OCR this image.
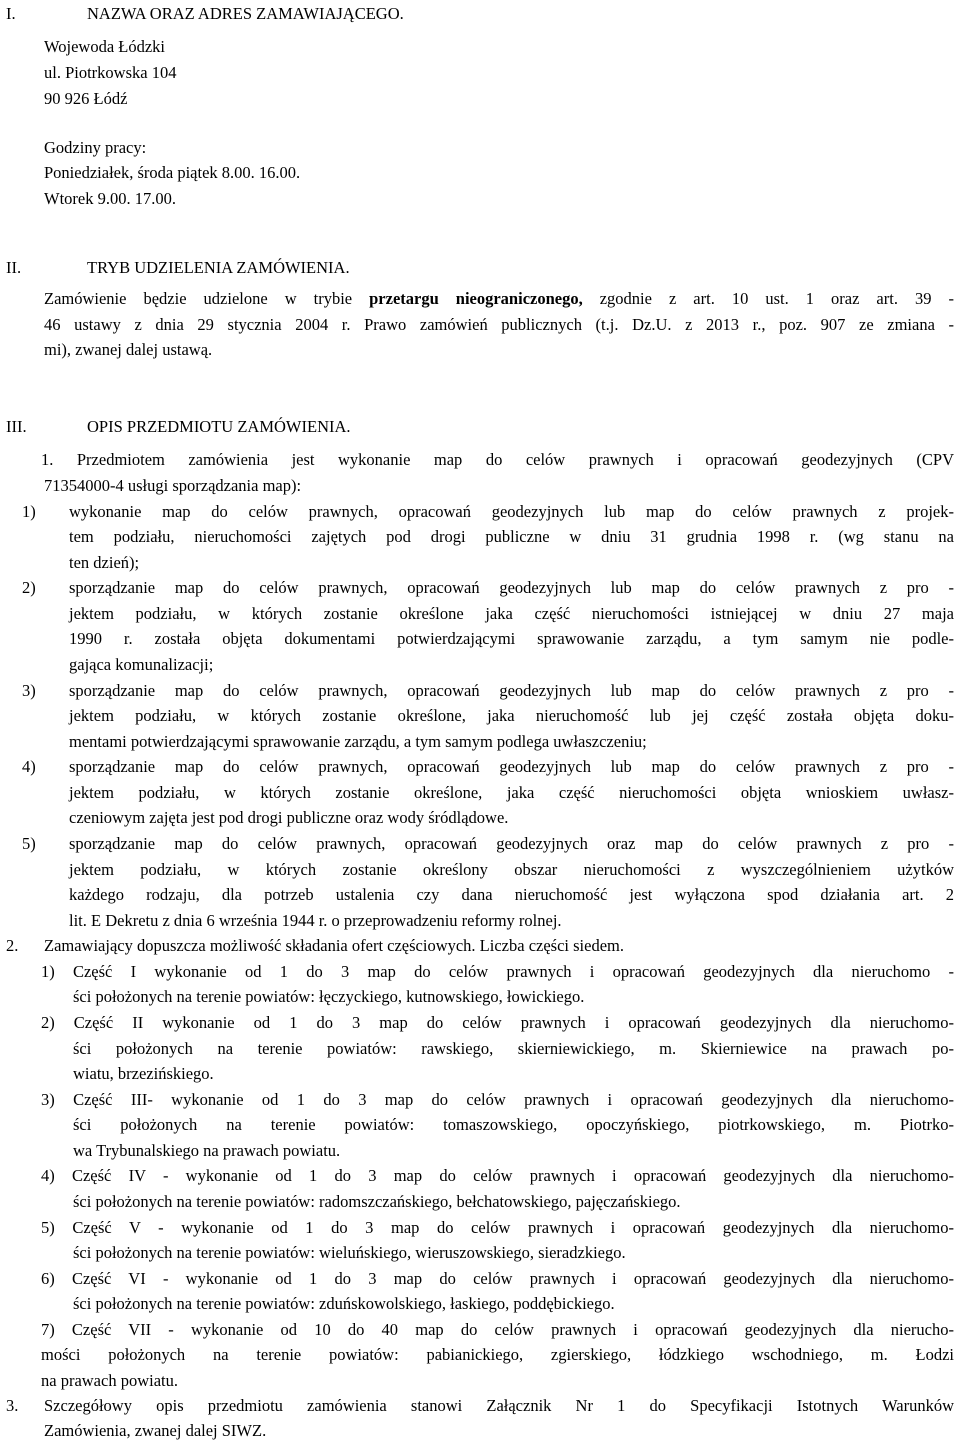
I.	NAZWA ORAZ ADRES ZAMAWIAJĄCEGO.
Wojewoda Łódzki
ul. Piotrkowska 104
90 926 Łódź
Godziny pracy:
Poniedziałek, środa piątek 8.00. 16.00.
Wtorek 9.00. 17.00.
II.	TRYB UDZIELENIA ZAMÓWIENIA.
Zamówienie będzie udzielone w trybie przetargu nieograniczonego, zgodnie z art. 10 ust. 1 oraz art. 39 -
46 ustawy z dnia 29 stycznia 2004 r. Prawo zamówień publicznych (t.j. Dz.U. z 2013 r., poz. 907 ze zmiana -
mi), zwanej dalej ustawą.
III.	OPIS PRZEDMIOTU ZAMÓWIENIA.
1. Przedmiotem zamówienia jest wykonanie map do celów prawnych i opracowań geodezyjnych (CPV
71354000-4 usługi sporządzania map):
1) wykonanie map do celów prawnych, opracowań geodezyjnych lub map do celów prawnych z projek-
tem podziału, nieruchomości zajętych pod drogi publiczne w dniu 31 grudnia 1998 r. (wg stanu na
ten dzień);
2) sporządzanie map do celów prawnych, opracowań geodezyjnych lub map do celów prawnych z pro -
jektem podziału, w których zostanie określone jaka część nieruchomości istniejącej w dniu 27 maja
1990 r. została objęta dokumentami potwierdzającymi sprawowanie zarządu, a tym samym nie podle-
gająca komunalizacji;
3) sporządzanie map do celów prawnych, opracowań geodezyjnych lub map do celów prawnych z pro -
jektem podziału, w których zostanie określone, jaka nieruchomość lub jej część została objęta doku-
mentami potwierdzającymi sprawowanie zarządu, a tym samym podlega uwłaszczeniu;
4) sporządzanie map do celów prawnych, opracowań geodezyjnych lub map do celów prawnych z pro -
jektem podziału, w których zostanie określone, jaka część nieruchomości objęta wnioskiem uwłasz-
czeniowym zajęta jest pod drogi publiczne oraz wody śródlądowe.
5) sporządzanie map do celów prawnych, opracowań geodezyjnych oraz map do celów prawnych z pro -
jektem podziału, w których zostanie określony obszar nieruchomości z wyszczególnieniem użytków
każdego rodzaju, dla potrzeb ustalenia czy dana nieruchomość jest wyłączona spod działania art. 2
lit. E Dekretu z dnia 6 września 1944 r. o przeprowadzeniu reformy rolnej.
2. Zamawiający dopuszcza możliwość składania ofert częściowych. Liczba części siedem.
1) Część I wykonanie od 1 do 3 map do celów prawnych i opracowań geodezyjnych dla nieruchomo -
ści położonych na terenie powiatów: łęczyckiego, kutnowskiego, łowickiego.
2) Część II wykonanie od 1 do 3 map do celów prawnych i opracowań geodezyjnych dla nieruchomo-
ści położonych na terenie powiatów: rawskiego, skierniewickiego, m. Skierniewice na prawach po-
wiatu, brzezińskiego.
3) Część III- wykonanie od 1 do 3 map do celów prawnych i opracowań geodezyjnych dla nieruchomo-
ści położonych na terenie powiatów: tomaszowskiego, opoczyńskiego, piotrkowskiego, m. Piotrko-
wa Trybunalskiego na prawach powiatu.
4) Część IV - wykonanie od 1 do 3 map do celów prawnych i opracowań geodezyjnych dla nieruchomo-
ści położonych na terenie powiatów: radomszczańskiego, bełchatowskiego, pajęczańskiego.
5) Część V - wykonanie od 1 do 3 map do celów prawnych i opracowań geodezyjnych dla nieruchomo-
ści położonych na terenie powiatów: wieluńskiego, wieruszowskiego, sieradzkiego.
6) Część VI - wykonanie od 1 do 3 map do celów prawnych i opracowań geodezyjnych dla nieruchomo-
ści położonych na terenie powiatów: zduńskowolskiego, łaskiego, poddębickiego.
7) Część VII - wykonanie od 10 do 40 map do celów prawnych i opracowań geodezyjnych dla nierucho-
mości położonych na terenie powiatów: pabianickiego, zgierskiego, łódzkiego wschodniego, m. Łodzi
na prawach powiatu.
3. Szczegółowy opis przedmiotu zamówienia stanowi Załącznik Nr 1 do Specyfikacji Istotnych Warunków
Zamówienia, zwanej dalej SIWZ.
